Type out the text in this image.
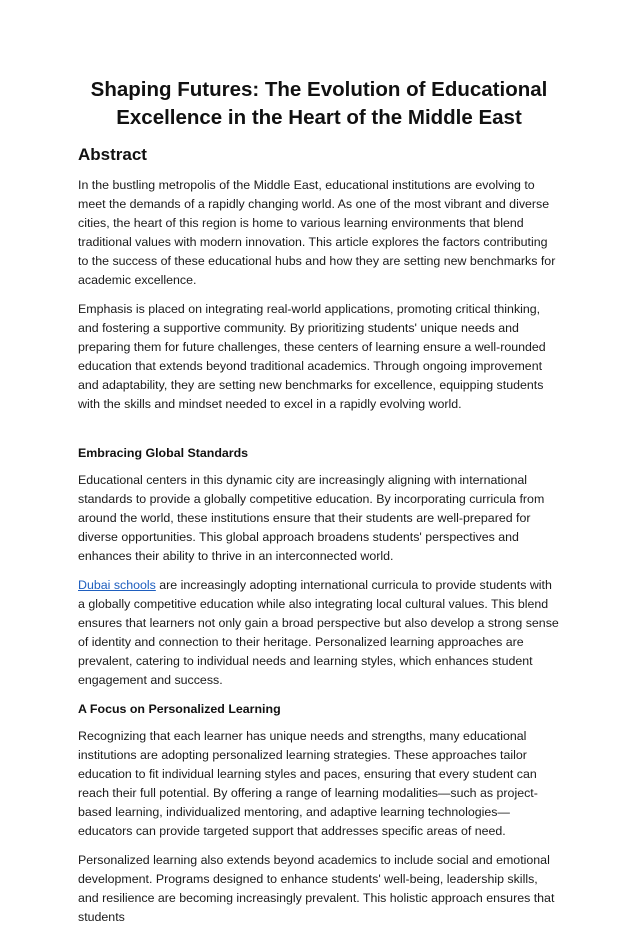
Shaping Futures: The Evolution of Educational
Excellence in the Heart of the Middle East
Abstract

In the bustling metropolis of the Middle East, educational institutions are evolving to meet the demands of a rapidly changing world. As one of the most vibrant and diverse cities, the heart of this region is home to various learning environments that blend traditional values with modern innovation. This article explores the factors contributing to the success of these educational hubs and how they are setting new benchmarks for academic excellence.

Emphasis is placed on integrating real-world applications, promoting critical thinking, and fostering a supportive community. By prioritizing students' unique needs and preparing them for future challenges, these centers of learning ensure a well-rounded education that extends beyond traditional academics. Through ongoing improvement and adaptability, they are setting new benchmarks for excellence, equipping students with the skills and mindset needed to excel in a rapidly evolving world.

Embracing Global Standards

Educational centers in this dynamic city are increasingly aligning with international standards to provide a globally competitive education. By incorporating curricula from around the world, these institutions ensure that their students are well-prepared for diverse opportunities. This global approach broadens students' perspectives and enhances their ability to thrive in an interconnected world.

Dubai schools are increasingly adopting international curricula to provide students with a globally competitive education while also integrating local cultural values. This blend ensures that learners not only gain a broad perspective but also develop a strong sense of identity and connection to their heritage. Personalized learning approaches are prevalent, catering to individual needs and learning styles, which enhances student engagement and success.

A Focus on Personalized Learning

Recognizing that each learner has unique needs and strengths, many educational institutions are adopting personalized learning strategies. These approaches tailor education to fit individual learning styles and paces, ensuring that every student can reach their full potential. By offering a range of learning modalities—such as project-based learning, individualized mentoring, and adaptive learning technologies—educators can provide targeted support that addresses specific areas of need.

Personalized learning also extends beyond academics to include social and emotional development. Programs designed to enhance students' well-being, leadership skills, and resilience are becoming increasingly prevalent. This holistic approach ensures that students
